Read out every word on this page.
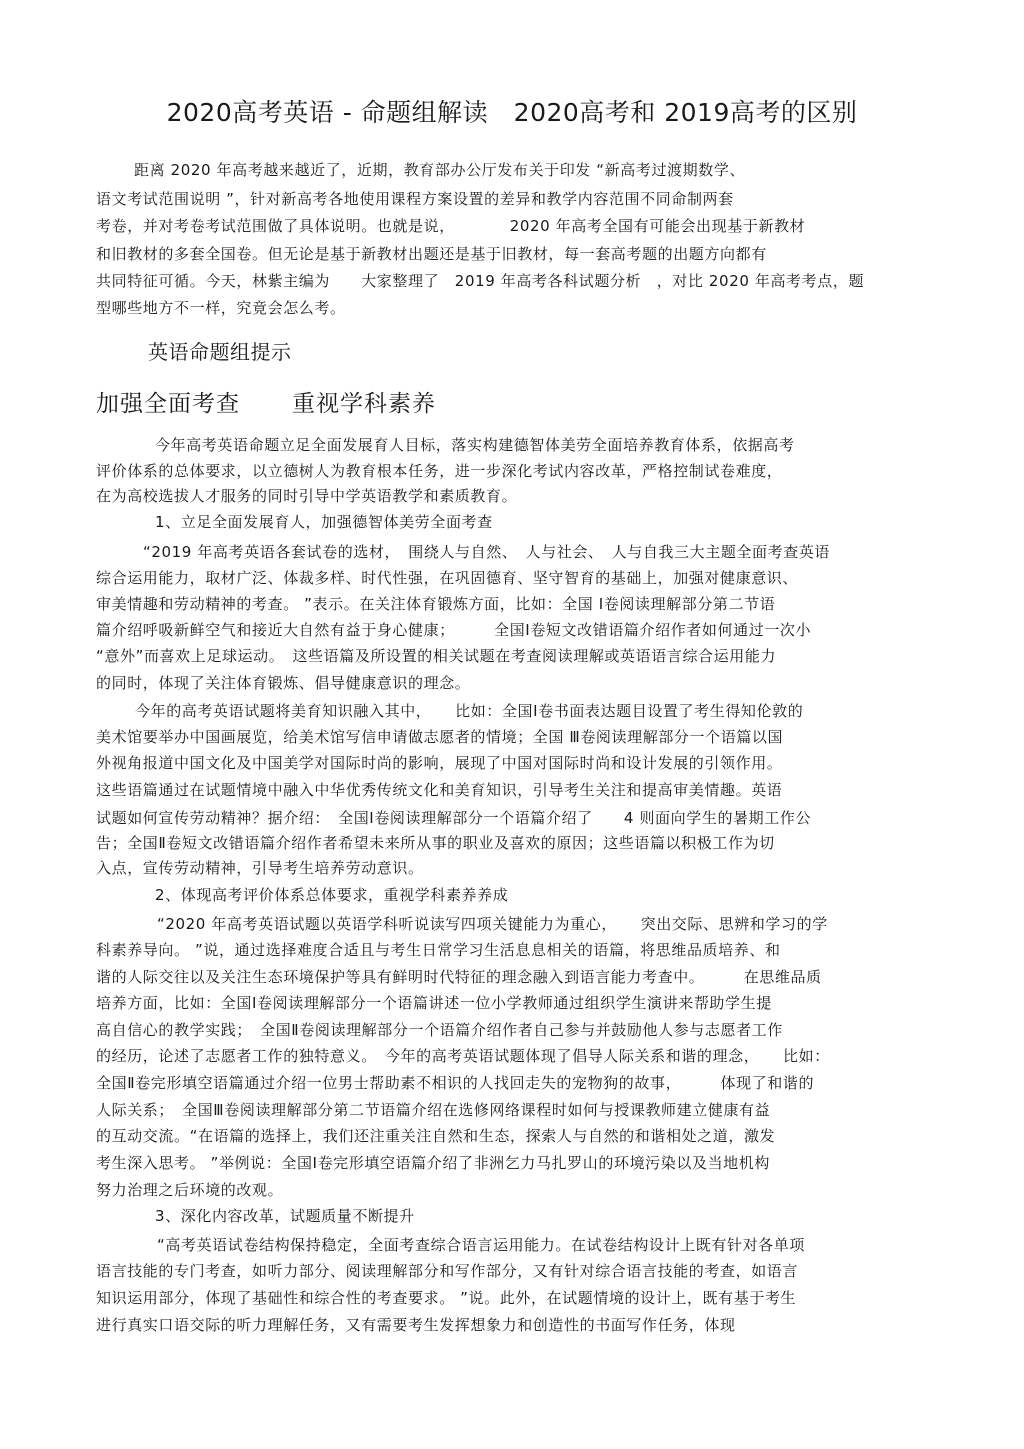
2020高考英语 - 命题组解读　2020高考和 2019高考的区别
距离 2020 年高考越来越近了，近期，教育部办公厅发布关于印发 “新高考过渡期数学、
语文考试范围说明 ”，针对新高考各地使用课程方案设置的差异和教学内容范围不同命制两套
考卷，并对考卷考试范围做了具体说明。也就是说，　　　　2020 年高考全国有可能会出现基于新教材
和旧教材的多套全国卷。但无论是基于新教材出题还是基于旧教材，每一套高考题的出题方向都有
共同特征可循。今天，林紫主编为　　大家整理了　2019 年高考各科试题分析　，对比 2020 年高考考点，题
型哪些地方不一样，究竟会怎么考。
英语命题组提示
加强全面考查 重视学科素养
今年高考英语命题立足全面发展育人目标，落实构建德智体美劳全面培养教育体系，依据高考
评价体系的总体要求，以立德树人为教育根本任务，进一步深化考试内容改革，严格控制试卷难度，
在为高校选拔人才服务的同时引导中学英语教学和素质教育。
1、立足全面发展育人，加强德智体美劳全面考查
“2019 年高考英语各套试卷的选材，　围绕人与自然、　人与社会、　人与自我三大主题全面考查英语
综合运用能力，取材广泛、体裁多样、时代性强，在巩固德育、坚守智育的基础上，加强对健康意识、
审美情趣和劳动精神的考查。 ”表示。在关注体育锻炼方面，比如：全国 Ⅰ卷阅读理解部分第二节语
篇介绍呼吸新鲜空气和接近大自然有益于身心健康；　　　全国Ⅰ卷短文改错语篇介绍作者如何通过一次小
“意外”而喜欢上足球运动。　这些语篇及所设置的相关试题在考查阅读理解或英语语言综合运用能力
的同时，体现了关注体育锻炼、倡导健康意识的理念。
今年的高考英语试题将美育知识融入其中，　　比如：全国Ⅰ卷书面表达题目设置了考生得知伦敦的
美术馆要举办中国画展览，给美术馆写信申请做志愿者的情境；全国 Ⅲ卷阅读理解部分一个语篇以国
外视角报道中国文化及中国美学对国际时尚的影响，展现了中国对国际时尚和设计发展的引领作用。
这些语篇通过在试题情境中融入中华优秀传统文化和美育知识，引导考生关注和提高审美情趣。英语
试题如何宣传劳动精神？据介绍：　全国Ⅰ卷阅读理解部分一个语篇介绍了　　4 则面向学生的暑期工作公
告；全国Ⅱ卷短文改错语篇介绍作者希望未来所从事的职业及喜欢的原因；这些语篇以积极工作为切
入点，宣传劳动精神，引导考生培养劳动意识。
2、体现高考评价体系总体要求，重视学科素养养成
“2020 年高考英语试题以英语学科听说读写四项关键能力为重心，　　突出交际、思辨和学习的学
科素养导向。 ”说，通过选择难度合适且与考生日常学习生活息息相关的语篇，将思维品质培养、和
谐的人际交往以及关注生态环境保护等具有鲜明时代特征的理念融入到语言能力考查中。　　　在思维品质
培养方面，比如：全国Ⅰ卷阅读理解部分一个语篇讲述一位小学教师通过组织学生演讲来帮助学生提
高自信心的教学实践；　全国Ⅱ卷阅读理解部分一个语篇介绍作者自己参与并鼓励他人参与志愿者工作
的经历，论述了志愿者工作的独特意义。　今年的高考英语试题体现了倡导人际关系和谐的理念，　　比如：
全国Ⅱ卷完形填空语篇通过介绍一位男士帮助素不相识的人找回走失的宠物狗的故事，　　　体现了和谐的
人际关系；　全国Ⅲ卷阅读理解部分第二节语篇介绍在选修网络课程时如何与授课教师建立健康有益
的互动交流。“在语篇的选择上，我们还注重关注自然和生态，探索人与自然的和谐相处之道，激发
考生深入思考。 ”举例说：全国Ⅰ卷完形填空语篇介绍了非洲乞力马扎罗山的环境污染以及当地机构
努力治理之后环境的改观。
3、深化内容改革，试题质量不断提升
“高考英语试卷结构保持稳定，全面考查综合语言运用能力。在试卷结构设计上既有针对各单项
语言技能的专门考查，如听力部分、阅读理解部分和写作部分，又有针对综合语言技能的考查，如语言
知识运用部分，体现了基础性和综合性的考查要求。 ”说。此外，在试题情境的设计上，既有基于考生
进行真实口语交际的听力理解任务，又有需要考生发挥想象力和创造性的书面写作任务，体现
